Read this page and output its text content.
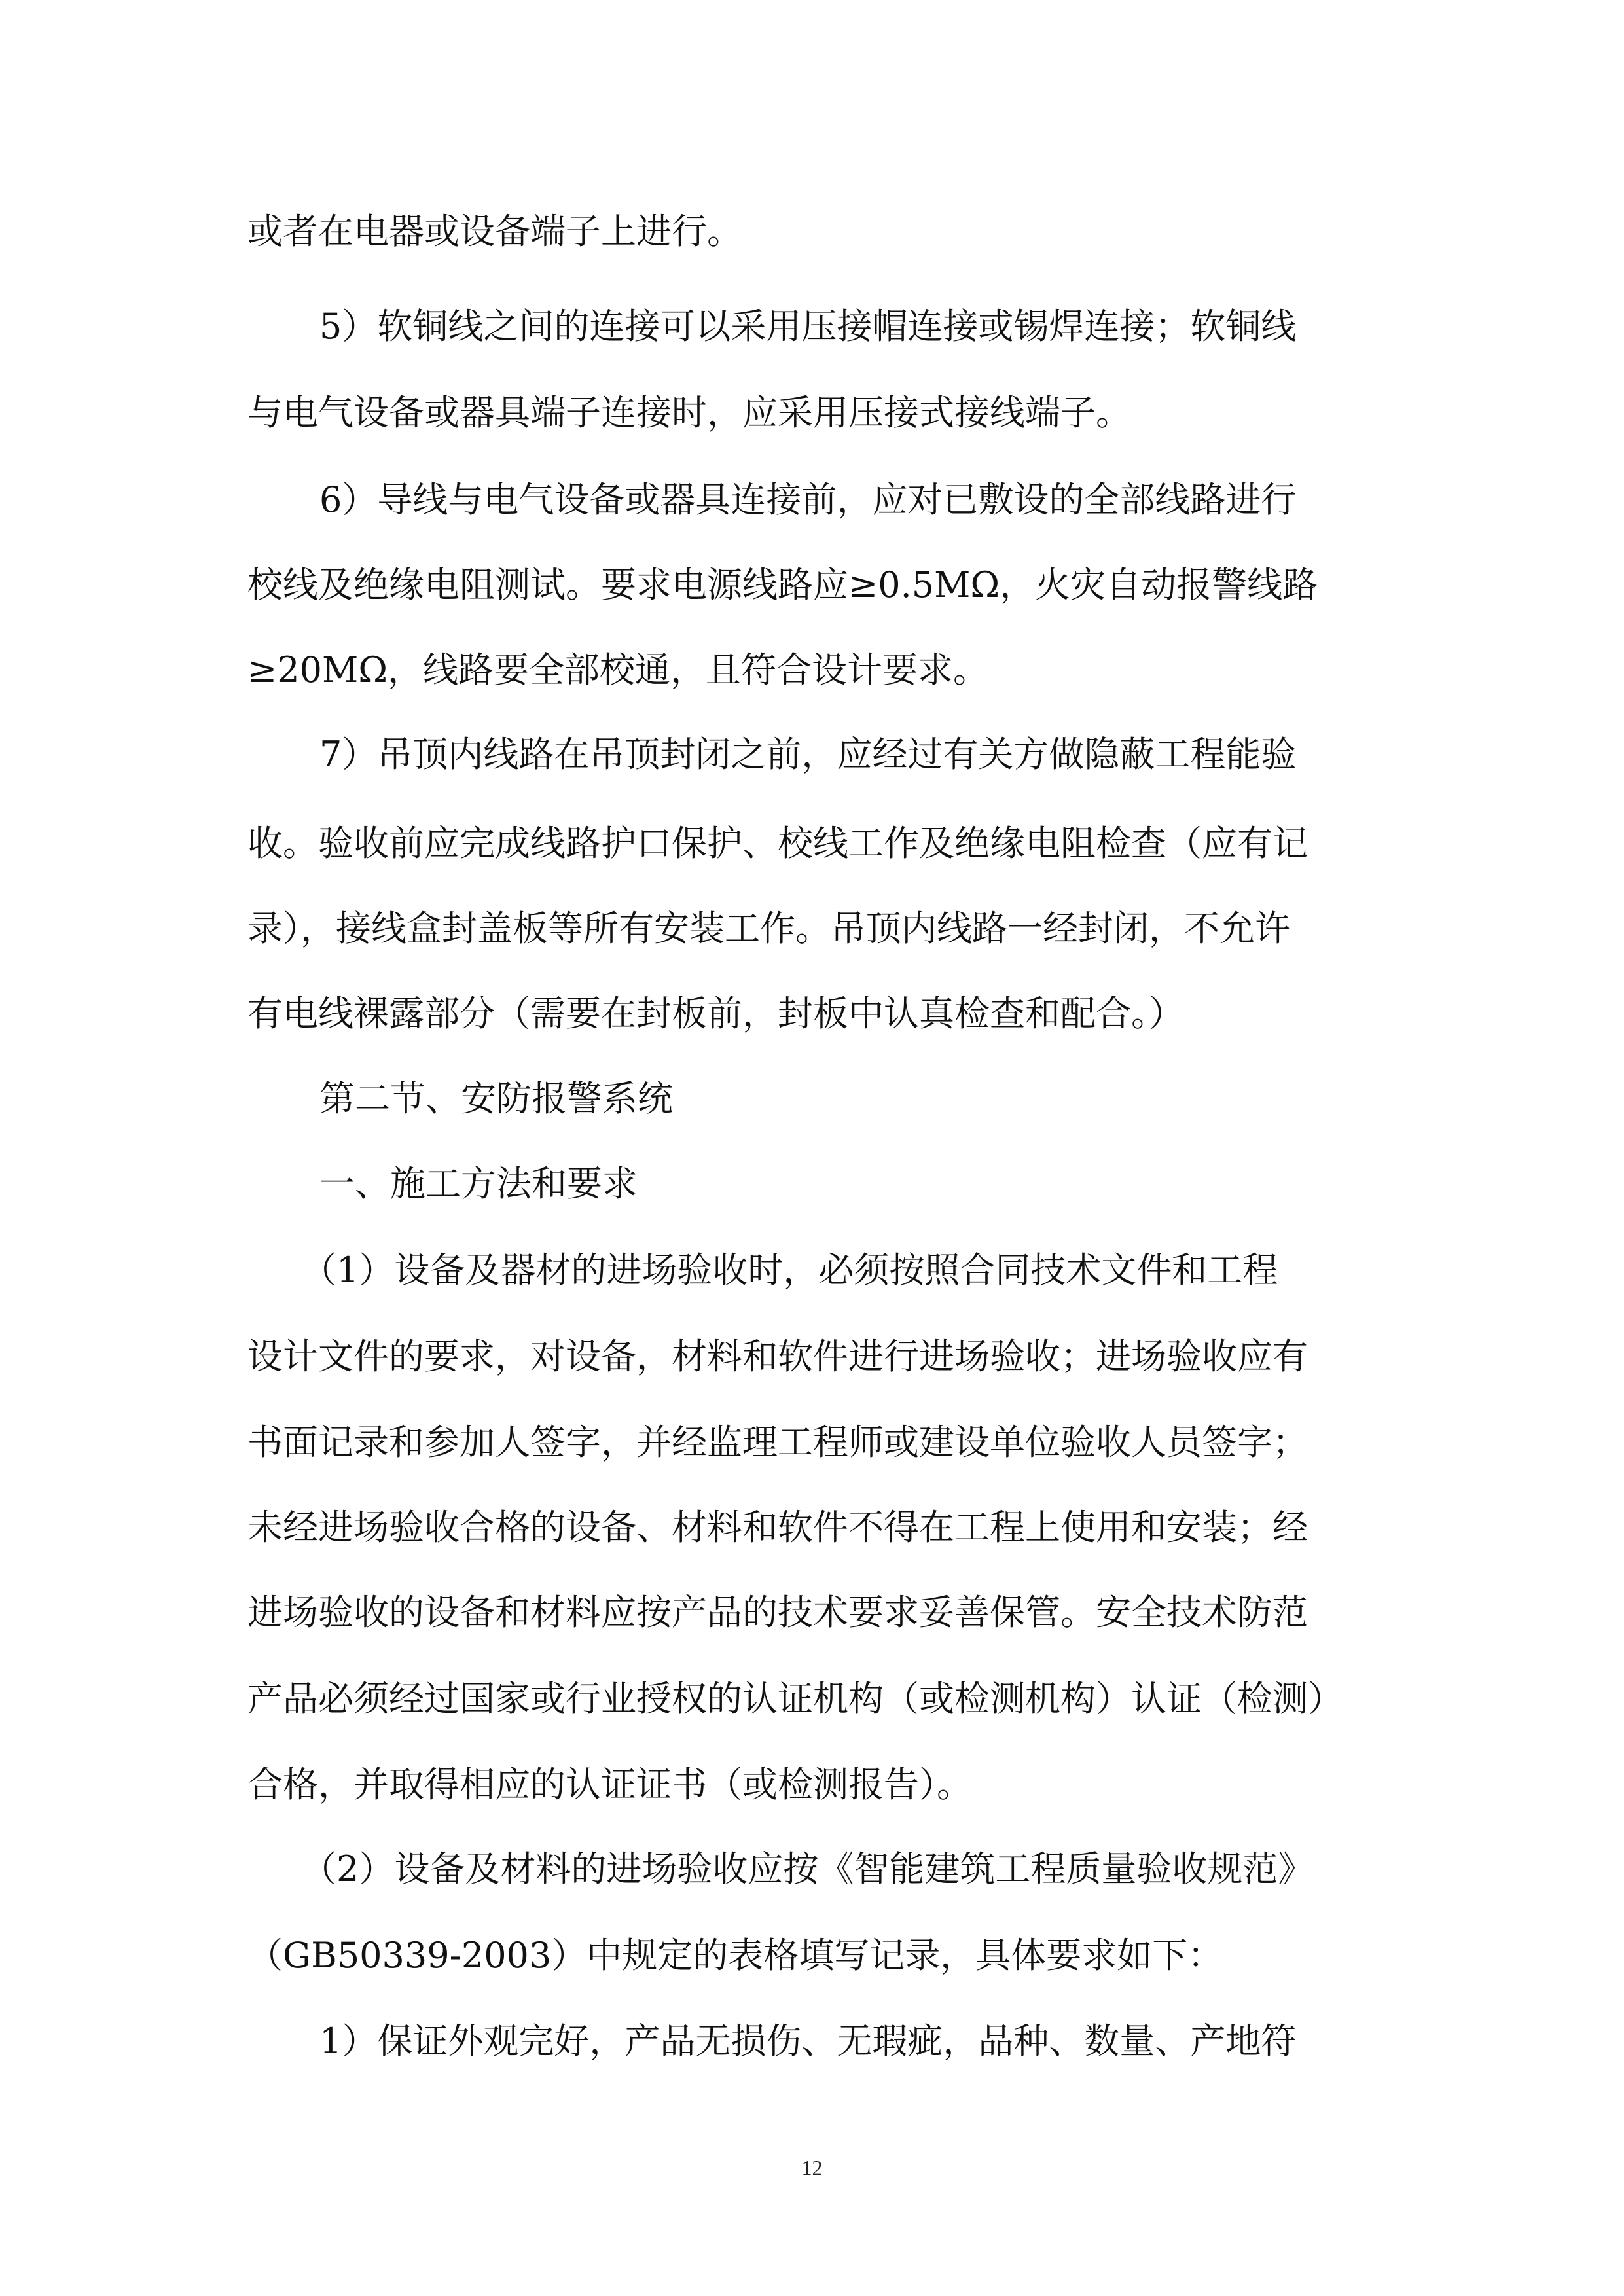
或者在电器或设备端子上进行。
5）软铜线之间的连接可以采用压接帽连接或锡焊连接；软铜线
与电气设备或器具端子连接时，应采用压接式接线端子。
6）导线与电气设备或器具连接前，应对已敷设的全部线路进行
校线及绝缘电阻测试。要求电源线路应≥0.5MΩ，火灾自动报警线路
≥20MΩ，线路要全部校通，且符合设计要求。
7）吊顶内线路在吊顶封闭之前，应经过有关方做隐蔽工程能验
收。验收前应完成线路护口保护、校线工作及绝缘电阻检查（应有记
录），接线盒封盖板等所有安装工作。吊顶内线路一经封闭，不允许
有电线裸露部分（需要在封板前，封板中认真检查和配合。）
第二节、安防报警系统
一、施工方法和要求
（1）设备及器材的进场验收时，必须按照合同技术文件和工程
设计文件的要求，对设备，材料和软件进行进场验收；进场验收应有
书面记录和参加人签字，并经监理工程师或建设单位验收人员签字；
未经进场验收合格的设备、材料和软件不得在工程上使用和安装；经
进场验收的设备和材料应按产品的技术要求妥善保管。安全技术防范
产品必须经过国家或行业授权的认证机构（或检测机构）认证（检测）
合格，并取得相应的认证证书（或检测报告）。
（2）设备及材料的进场验收应按《智能建筑工程质量验收规范》
（GB50339-2003）中规定的表格填写记录，具体要求如下：
1）保证外观完好，产品无损伤、无瑕疵，品种、数量、产地符
12
